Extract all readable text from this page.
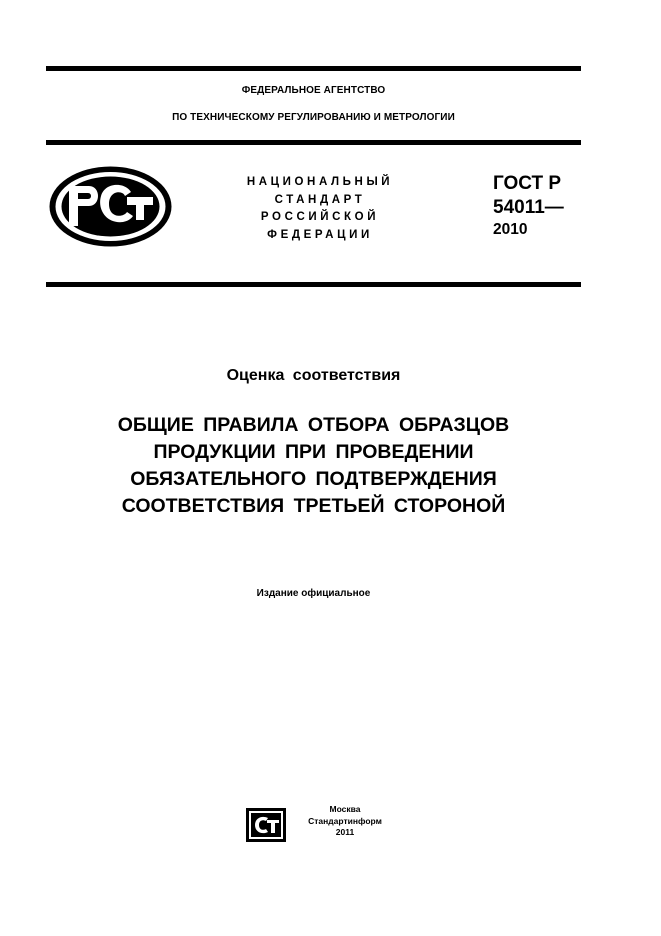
ФЕДЕРАЛЬНОЕ АГЕНТСТВО
ПО ТЕХНИЧЕСКОМУ РЕГУЛИРОВАНИЮ И МЕТРОЛОГИИ
НАЦИОНАЛЬНЫЙ
СТАНДАРТ
РОССИЙСКОЙ
ФЕДЕРАЦИИ
ГОСТ Р
54011—
2010
Оценка соответствия
ОБЩИЕ ПРАВИЛА ОТБОРА ОБРАЗЦОВ
ПРОДУКЦИИ ПРИ ПРОВЕДЕНИИ
ОБЯЗАТЕЛЬНОГО ПОДТВЕРЖДЕНИЯ
СООТВЕТСТВИЯ ТРЕТЬЕЙ СТОРОНОЙ
Издание официальное
Москва
Стандартинформ
2011
